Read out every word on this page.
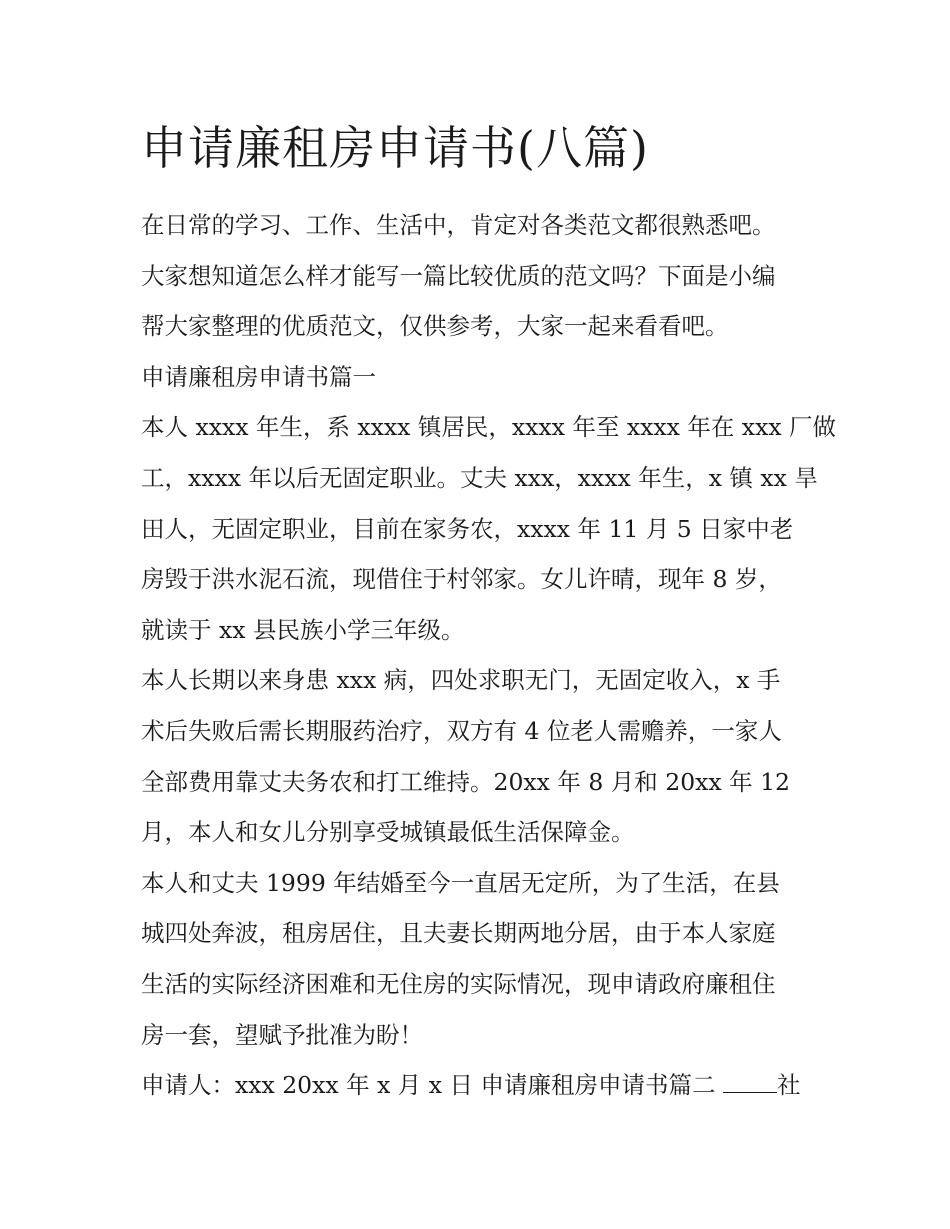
申请廉租房申请书(八篇)

在日常的学习、工作、生活中，肯定对各类范文都很熟悉吧。
大家想知道怎么样才能写一篇比较优质的范文吗？下面是小编
帮大家整理的优质范文，仅供参考，大家一起来看看吧。

申请廉租房申请书篇一

本人 xxxx 年生，系 xxxx 镇居民，xxxx 年至 xxxx 年在 xxx 厂做
工，xxxx 年以后无固定职业。丈夫 xxx，xxxx 年生，x 镇 xx 旱
田人，无固定职业，目前在家务农，xxxx 年 11 月 5 日家中老
房毁于洪水泥石流，现借住于村邻家。女儿许晴，现年 8 岁，
就读于 xx 县民族小学三年级。

本人长期以来身患 xxx 病，四处求职无门，无固定收入，x 手
术后失败后需长期服药治疗，双方有 4 位老人需赡养，一家人
全部费用靠丈夫务农和打工维持。20xx 年 8 月和 20xx 年 12
月，本人和女儿分别享受城镇最低生活保障金。

本人和丈夫 1999 年结婚至今一直居无定所，为了生活，在县
城四处奔波，租房居住，且夫妻长期两地分居，由于本人家庭
生活的实际经济困难和无住房的实际情况，现申请政府廉租住
房一套，望赋予批准为盼！

申请人：xxx 20xx 年 x 月 x 日 申请廉租房申请书篇二 社
